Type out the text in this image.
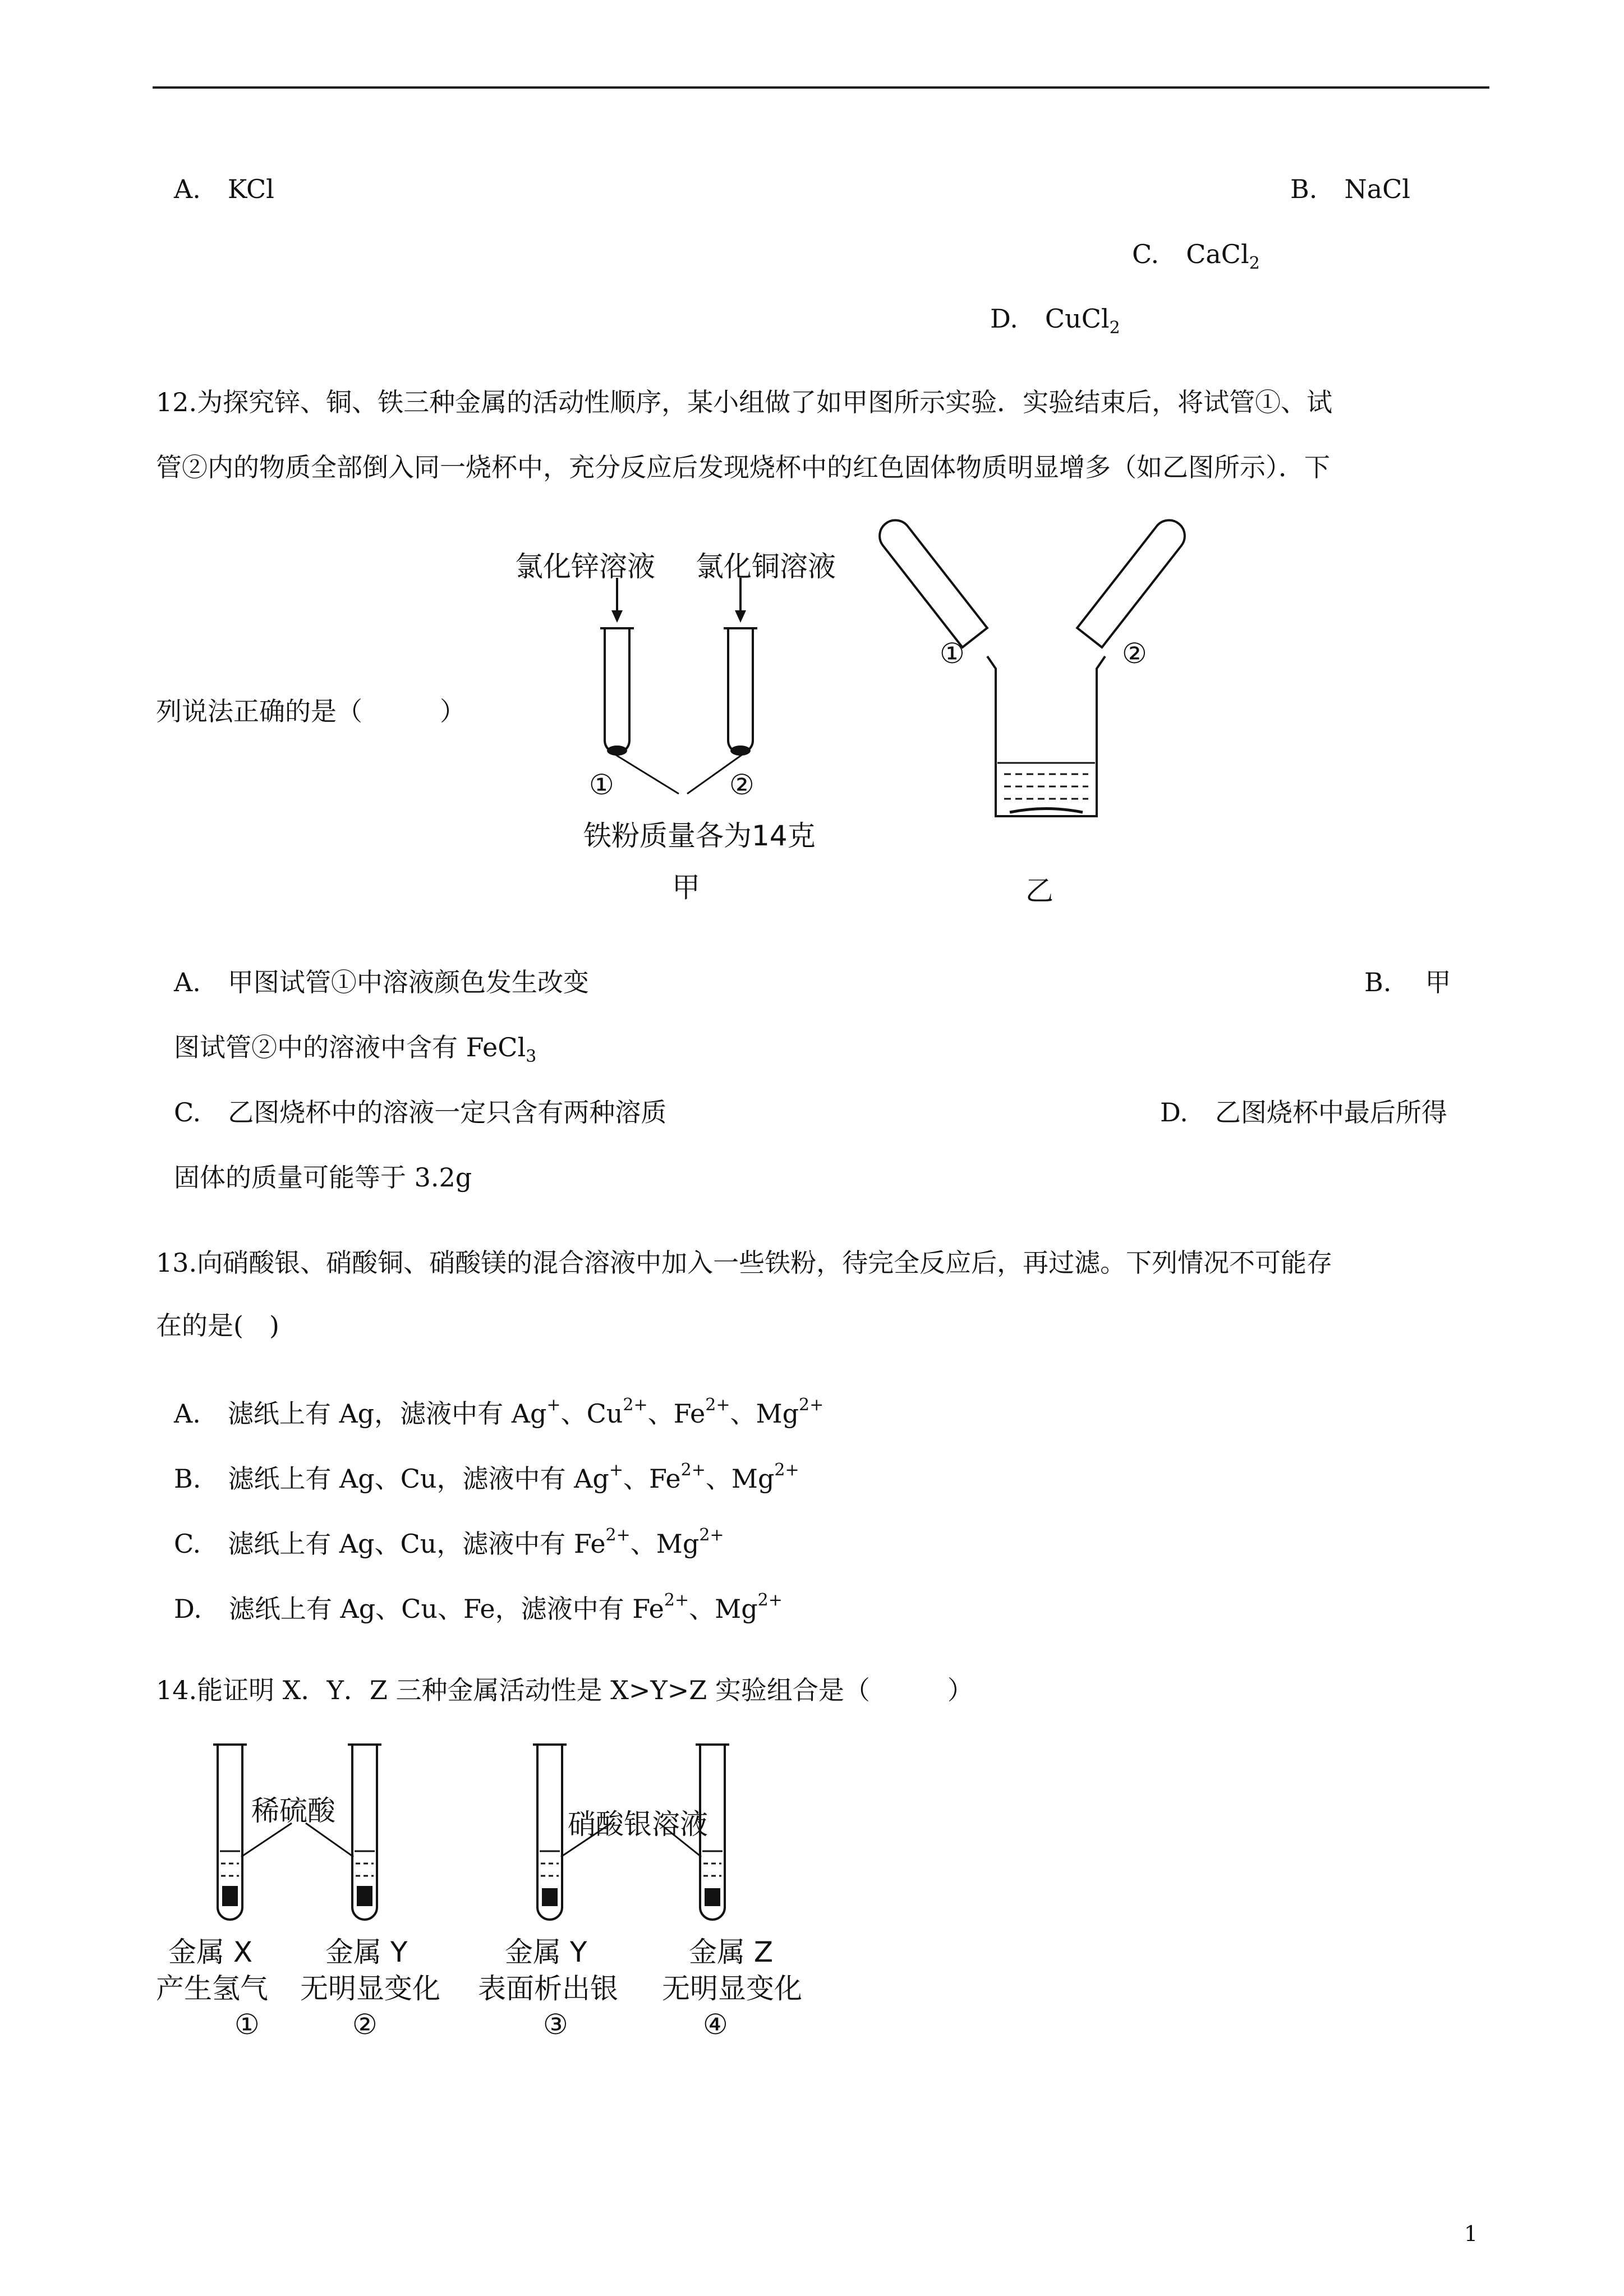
A. KCl	B. NaCl
C. CaCl$_2$
D. CuCl$_2$
12.为探究锌、铜、铁三种金属的活动性顺序，某小组做了如甲图所示实验．实验结束后，将试管①、试
管②内的物质全部倒入同一烧杯中，充分反应后发现烧杯中的红色固体物质明显增多（如乙图所示）．下
列说法正确的是（　　　）
氯化锌溶液 氯化铜溶液
①	②
铁粉质量各为14克
甲
①	②
乙
A. 甲图试管①中溶液颜色发生改变	B. 甲
图试管②中的溶液中含有 FeCl$_3$
C. 乙图烧杯中的溶液一定只含有两种溶质	D. 乙图烧杯中最后所得
固体的质量可能等于 3.2g
13.向硝酸银、硝酸铜、硝酸镁的混合溶液中加入一些铁粉，待完全反应后，再过滤。下列情况不可能存
在的是(　)
A. 滤纸上有 Ag，滤液中有 Ag+、$Cu^{2+}$、$Fe^{2+}$、$Mg^{2+}$
B. 滤纸上有 Ag、Cu，滤液中有 Ag+、$Fe^{2+}$、$Mg^{2+}$
C. 滤纸上有 Ag、Cu，滤液中有 $Fe^{2+}$、$Mg^{2+}$
D. 滤纸上有 Ag、Cu、Fe，滤液中有 $Fe^{2+}$、$Mg^{2+}$
14.能证明 X．Y．Z 三种金属活动性是 X>Y>Z 实验组合是（　　　）
稀硫酸	硝酸银溶液
金属 X
产生氢气
①
金属 Y
无明显变化
②
金属 Y
表面析出银
③
金属 Z
无明显变化
④
1
